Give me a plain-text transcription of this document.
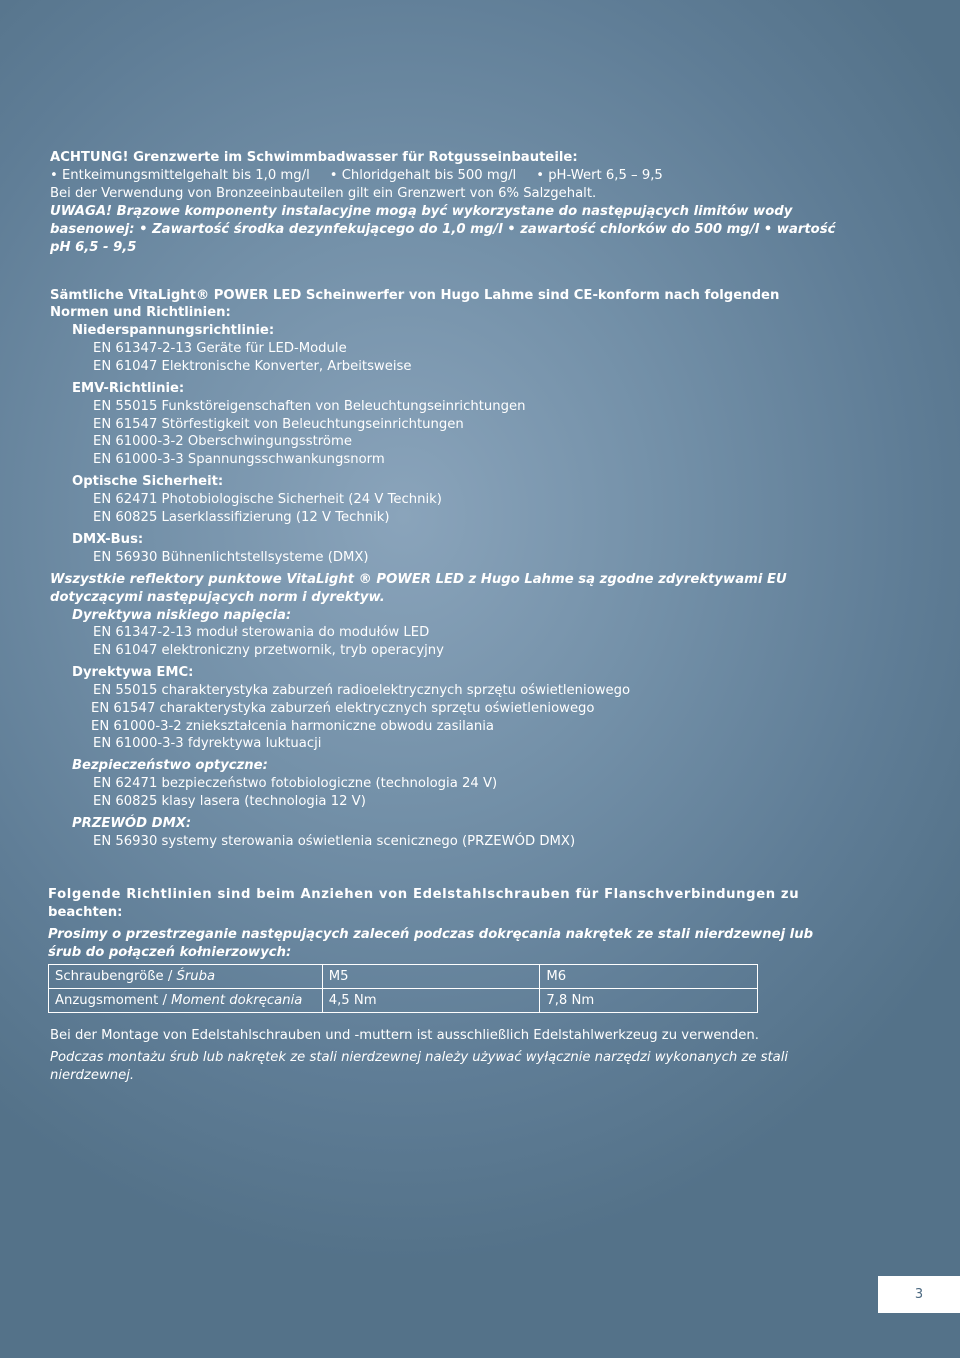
ACHTUNG! Grenzwerte im Schwimmbadwasser für Rotgusseinbauteile:
• Entkeimungsmittelgehalt bis 1,0 mg/l • Chloridgehalt bis 500 mg/l • pH-Wert 6,5 – 9,5
Bei der Verwendung von Bronzeeinbauteilen gilt ein Grenzwert von 6% Salzgehalt.
UWAGA! Brązowe komponenty instalacyjne mogą być wykorzystane do następujących limitów wody
basenowej: • Zawartość środka dezynfekującego do 1,0 mg/l • zawartość chlorków do 500 mg/l • wartość
pH 6,5 - 9,5
Sämtliche VitaLight® POWER LED Scheinwerfer von Hugo Lahme sind CE-konform nach folgenden
Normen und Richtlinien:
Niederspannungsrichtlinie:
EN 61347-2-13 Geräte für LED-Module
EN 61047 Elektronische Konverter, Arbeitsweise
EMV-Richtlinie:
EN 55015 Funkstöreigenschaften von Beleuchtungseinrichtungen
EN 61547 Störfestigkeit von Beleuchtungseinrichtungen
EN 61000-3-2 Oberschwingungsströme
EN 61000-3-3 Spannungsschwankungsnorm
Optische Sicherheit:
EN 62471 Photobiologische Sicherheit (24 V Technik)
EN 60825 Laserklassifizierung (12 V Technik)
DMX-Bus:
EN 56930 Bühnenlichtstellsysteme (DMX)
Wszystkie reflektory punktowe VitaLight ® POWER LED z Hugo Lahme są zgodne zdyrektywami EU
dotyczącymi następujących norm i dyrektyw.
Dyrektywa niskiego napięcia:
EN 61347-2-13 moduł sterowania do modułów LED
EN 61047 elektroniczny przetwornik, tryb operacyjny
Dyrektywa EMC:
EN 55015 charakterystyka zaburzeń radioelektrycznych sprzętu oświetleniowego
EN 61547 charakterystyka zaburzeń elektrycznych sprzętu oświetleniowego
EN 61000-3-2 zniekształcenia harmoniczne obwodu zasilania
EN 61000-3-3 fdyrektywa luktuacji
Bezpieczeństwo optyczne:
EN 62471 bezpieczeństwo fotobiologiczne (technologia 24 V)
EN 60825 klasy lasera (technologia 12 V)
PRZEWÓD DMX:
EN 56930 systemy sterowania oświetlenia scenicznego (PRZEWÓD DMX)
Folgende Richtlinien sind beim Anziehen von Edelstahlschrauben für Flanschverbindungen zu
beachten:
Prosimy o przestrzeganie następujących zaleceń podczas dokręcania nakrętek ze stali nierdzewnej lub
śrub do połączeń kołnierzowych:
Schraubengröße / Śruba	M5	M6
Anzugsmoment / Moment dokręcania	4,5 Nm	7,8 Nm
Bei der Montage von Edelstahlschrauben und -muttern ist ausschließlich Edelstahlwerkzeug zu verwenden.
Podczas montażu śrub lub nakrętek ze stali nierdzewnej należy używać wyłącznie narzędzi wykonanych ze stali
nierdzewnej.
3
